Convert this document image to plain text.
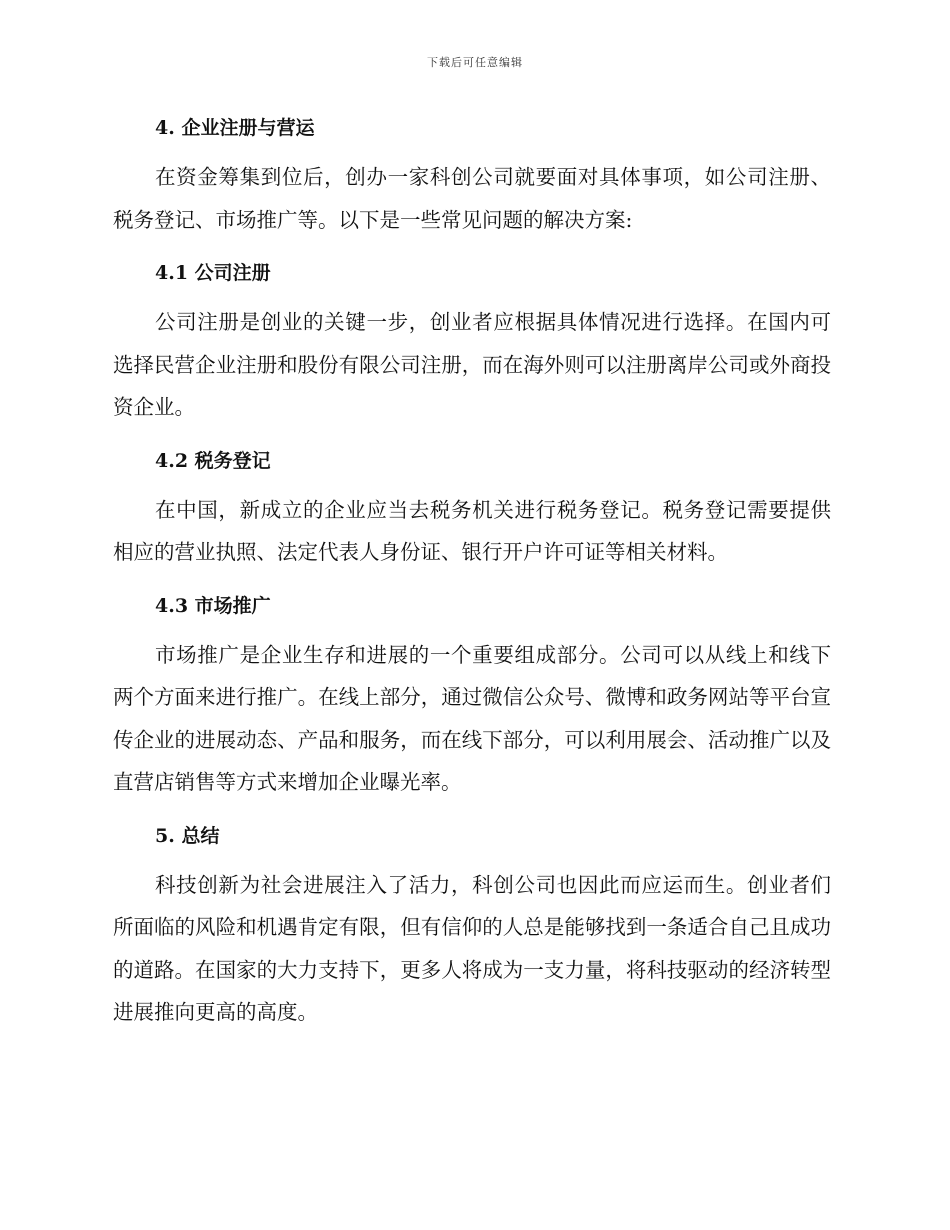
下载后可任意编辑
4. 企业注册与营运

在资金筹集到位后，创办一家科创公司就要面对具体事项，如公司注册、税务登记、市场推广等。以下是一些常见问题的解决方案:

4.1 公司注册

公司注册是创业的关键一步，创业者应根据具体情况进行选择。在国内可选择民营企业注册和股份有限公司注册，而在海外则可以注册离岸公司或外商投资企业。

4.2 税务登记

在中国，新成立的企业应当去税务机关进行税务登记。税务登记需要提供相应的营业执照、法定代表人身份证、银行开户许可证等相关材料。

4.3 市场推广

市场推广是企业生存和进展的一个重要组成部分。公司可以从线上和线下两个方面来进行推广。在线上部分，通过微信公众号、微博和政务网站等平台宣传企业的进展动态、产品和服务，而在线下部分，可以利用展会、活动推广以及直营店销售等方式来增加企业曝光率。

5. 总结

科技创新为社会进展注入了活力，科创公司也因此而应运而生。创业者们所面临的风险和机遇肯定有限，但有信仰的人总是能够找到一条适合自己且成功的道路。在国家的大力支持下，更多人将成为一支力量，将科技驱动的经济转型进展推向更高的高度。
